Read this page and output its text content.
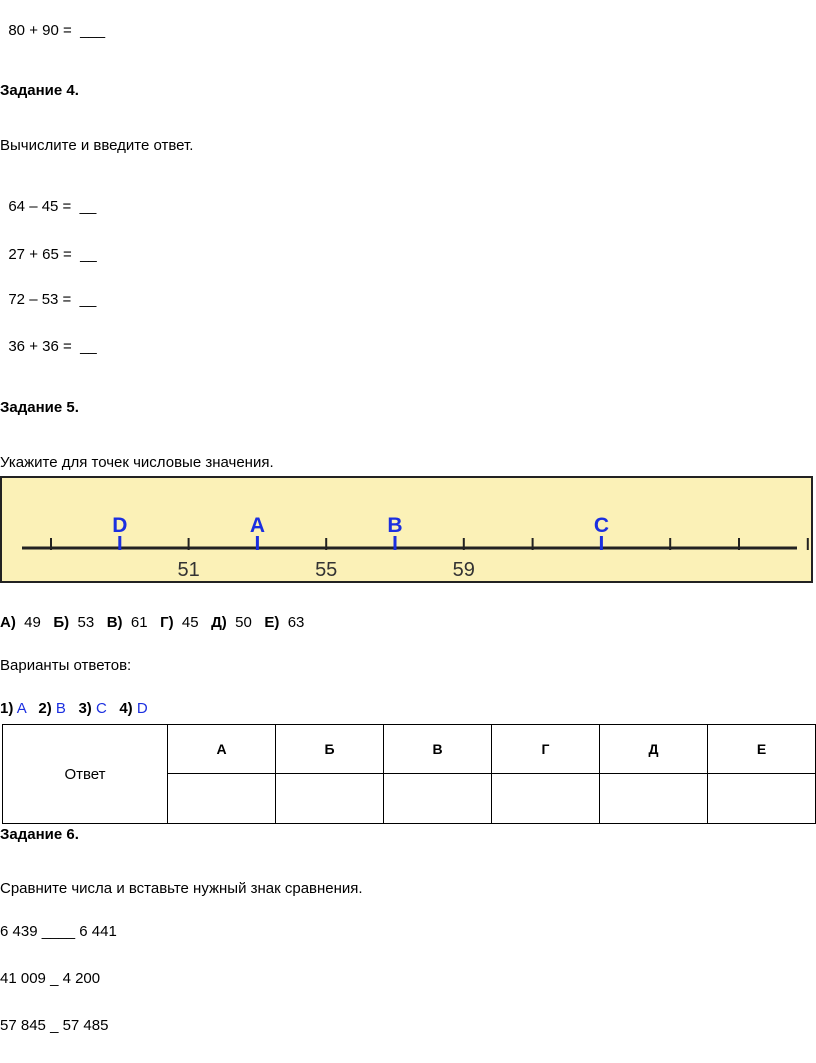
80 + 90 = ___

Задание 4.
Вычислите и введите ответ.

64 – 45 = __

27 + 65 = __

72 – 53 = __

36 + 36 = __

Задание 5.
Укажите для точек числовые значения.
D	A	B	C
51	55	59
А) 49 Б) 53 В) 61 Г) 45 Д) 50 Е) 63
Варианты ответов:
1) A 2) B 3) C 4) D
Ответ	А	Б	В	Г	Д	Е

Задание 6.
Сравните числа и вставьте нужный знак сравнения.
6 439 ____ 6 441
41 009 _ 4 200
57 845 _ 57 485
